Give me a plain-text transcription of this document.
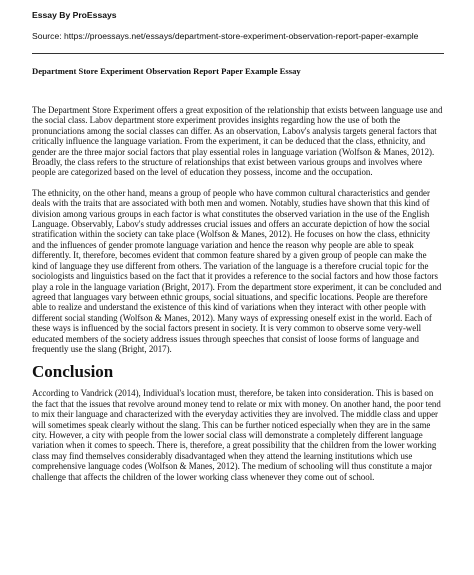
Essay By ProEssays

Source: https://proessays.net/essays/department-store-experiment-observation-report-paper-example

Department Store Experiment Observation Report Paper Example Essay

The Department Store Experiment offers a great exposition of the relationship that exists between language use and the social class. Labov department store experiment provides insights regarding how the use of both the pronunciations among the social classes can differ. As an observation, Labov's analysis targets general factors that critically influence the language variation. From the experiment, it can be deduced that the class, ethnicity, and gender are the three major social factors that play essential roles in language variation (Wolfson & Manes, 2012). Broadly, the class refers to the structure of relationships that exist between various groups and involves where people are categorized based on the level of education they possess, income and the occupation.

The ethnicity, on the other hand, means a group of people who have common cultural characteristics and gender deals with the traits that are associated with both men and women. Notably, studies have shown that this kind of division among various groups in each factor is what constitutes the observed variation in the use of the English Language. Observably, Labov's study addresses crucial issues and offers an accurate depiction of how the social stratification within the society can take place (Wolfson & Manes, 2012). He focuses on how the class, ethnicity and the influences of gender promote language variation and hence the reason why people are able to speak differently. It, therefore, becomes evident that common feature shared by a given group of people can make the kind of language they use different from others. The variation of the language is a therefore crucial topic for the sociologists and linguistics based on the fact that it provides a reference to the social factors and how those factors play a role in the language variation (Bright, 2017). From the department store experiment, it can be concluded and agreed that languages vary between ethnic groups, social situations, and specific locations. People are therefore able to realize and understand the existence of this kind of variations when they interact with other people with different social standing (Wolfson & Manes, 2012). Many ways of expressing oneself exist in the world. Each of these ways is influenced by the social factors present in society. It is very common to observe some very-well educated members of the society address issues through speeches that consist of loose forms of language and frequently use the slang (Bright, 2017).

Conclusion

According to Vandrick (2014), Individual's location must, therefore, be taken into consideration. This is based on the fact that the issues that revolve around money tend to relate or mix with money. On another hand, the poor tend to mix their language and characterized with the everyday activities they are involved. The middle class and upper will sometimes speak clearly without the slang. This can be further noticed especially when they are in the same city. However, a city with people from the lower social class will demonstrate a completely different language variation when it comes to speech. There is, therefore, a great possibility that the children from the lower working class may find themselves considerably disadvantaged when they attend the learning institutions which use comprehensive language codes (Wolfson & Manes, 2012). The medium of schooling will thus constitute a major challenge that affects the children of the lower working class whenever they come out of school.
